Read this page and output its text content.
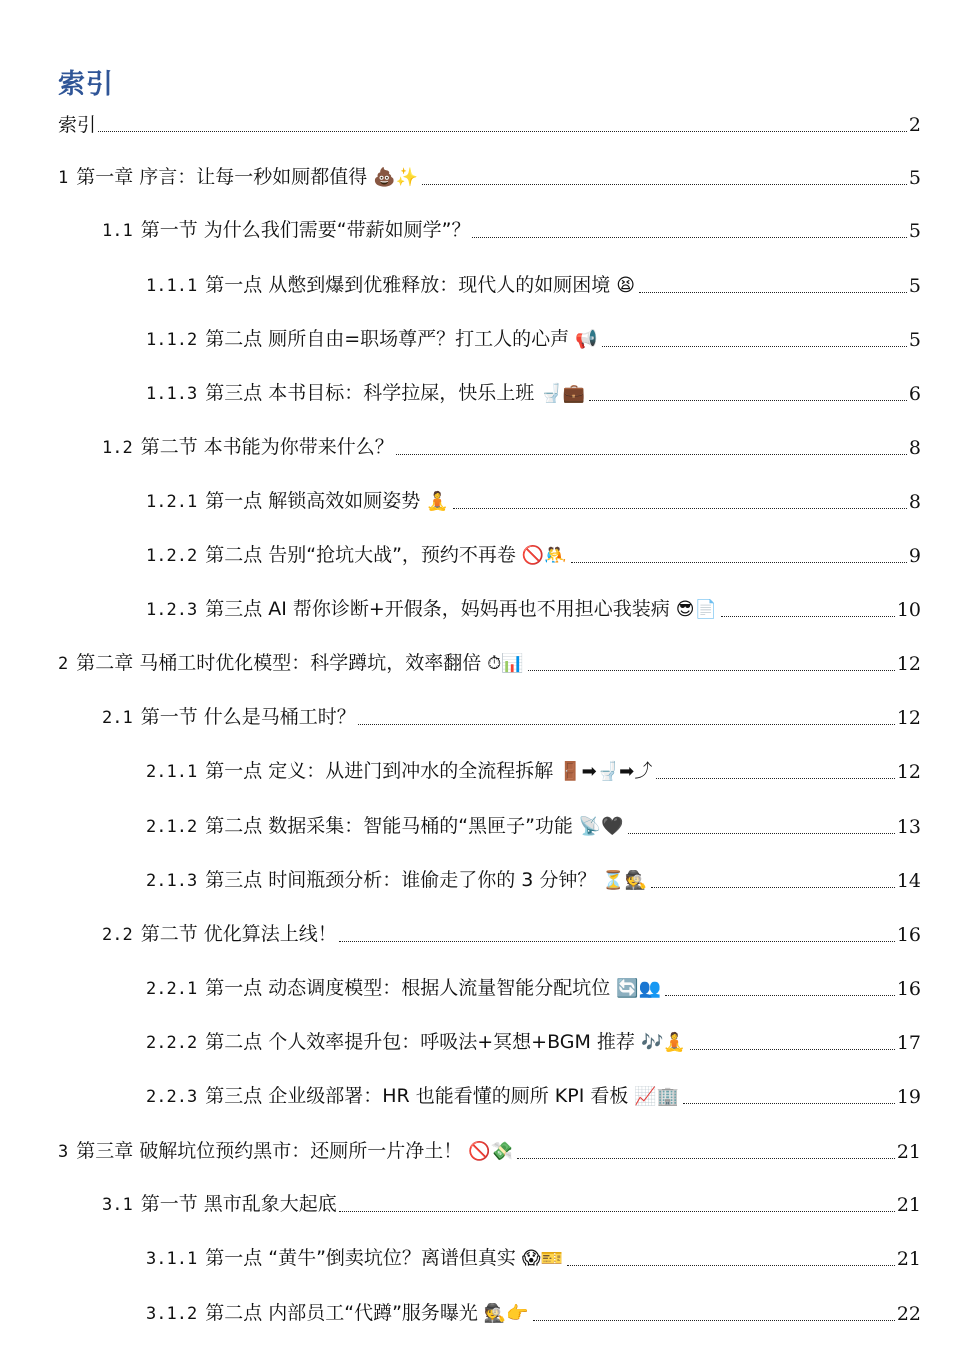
索引
索引	2
1 第一章 序言：让每一秒如厕都值得 💩✨	5
1.1 第一节 为什么我们需要“带薪如厕学”？	5
1.1.1 第一点 从憋到爆到优雅释放：现代人的如厕困境 😫	5
1.1.2 第二点 厕所自由=职场尊严？打工人的心声 📢	5
1.1.3 第三点 本书目标：科学拉屎，快乐上班 🚽💼	6
1.2 第二节 本书能为你带来什么？	8
1.2.1 第一点 解锁高效如厕姿势 🧘	8
1.2.2 第二点 告别“抢坑大战”，预约不再卷 🚫🤼	9
1.2.3 第三点 AI 帮你诊断+开假条，妈妈再也不用担心我装病 😎📄	10
2 第二章 马桶工时优化模型：科学蹲坑，效率翻倍 ⏱📊	12
2.1 第一节 什么是马桶工时？	12
2.1.1 第一点 定义：从进门到冲水的全流程拆解 🚪➡🚽➡⤴	12
2.1.2 第二点 数据采集：智能马桶的“黑匣子”功能 📡🖤	13
2.1.3 第三点 时间瓶颈分析：谁偷走了你的 3 分钟？ ⏳🕵	14
2.2 第二节 优化算法上线！	16
2.2.1 第一点 动态调度模型：根据人流量智能分配坑位 🔄👥	16
2.2.2 第二点 个人效率提升包：呼吸法+冥想+BGM 推荐 🎶🧘	17
2.2.3 第三点 企业级部署：HR 也能看懂的厕所 KPI 看板 📈🏢	19
3 第三章 破解坑位预约黑市：还厕所一片净土！ 🚫💸	21
3.1 第一节 黑市乱象大起底	21
3.1.1 第一点 “黄牛”倒卖坑位？离谱但真实 😱🎫	21
3.1.2 第二点 内部员工“代蹲”服务曝光 🕵👉	22
